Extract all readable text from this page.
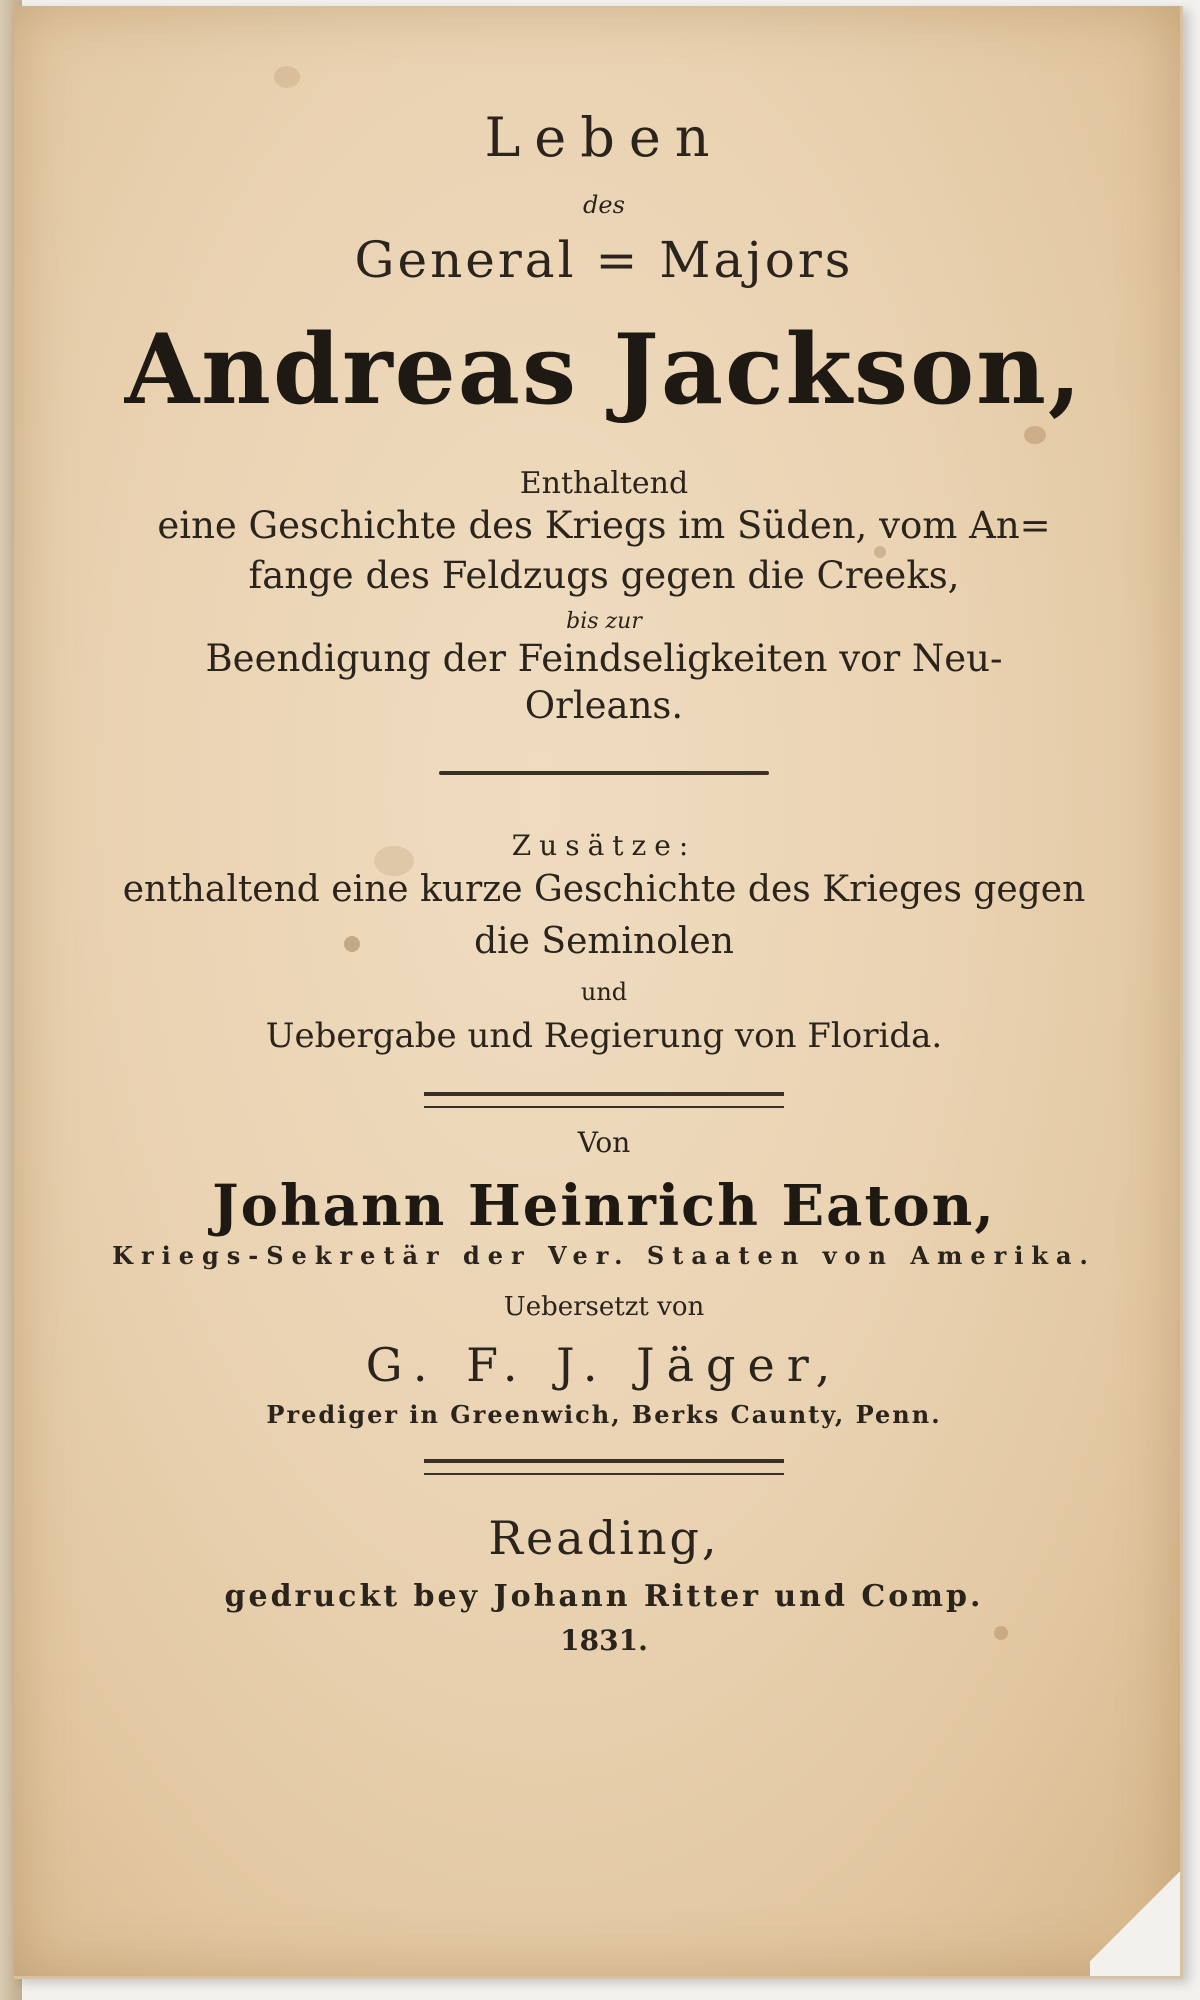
Leben
des
General = Majors
Andreas Jackson,
Enthaltend
eine Geschichte des Kriegs im Süden, vom An=
fange des Feldzugs gegen die Creeks,
bis zur
Beendigung der Feindseligkeiten vor Neu-
Orleans.
Zusätze:
enthaltend eine kurze Geschichte des Krieges gegen
die Seminolen
und
Uebergabe und Regierung von Florida.
Von
Johann Heinrich Eaton,
Kriegs-Sekretär der Ver. Staaten von Amerika.
Uebersetzt von
G. F. J. Jäger,
Prediger in Greenwich, Berks Caunty, Penn.
Reading,
gedruckt bey Johann Ritter und Comp.
1831.
